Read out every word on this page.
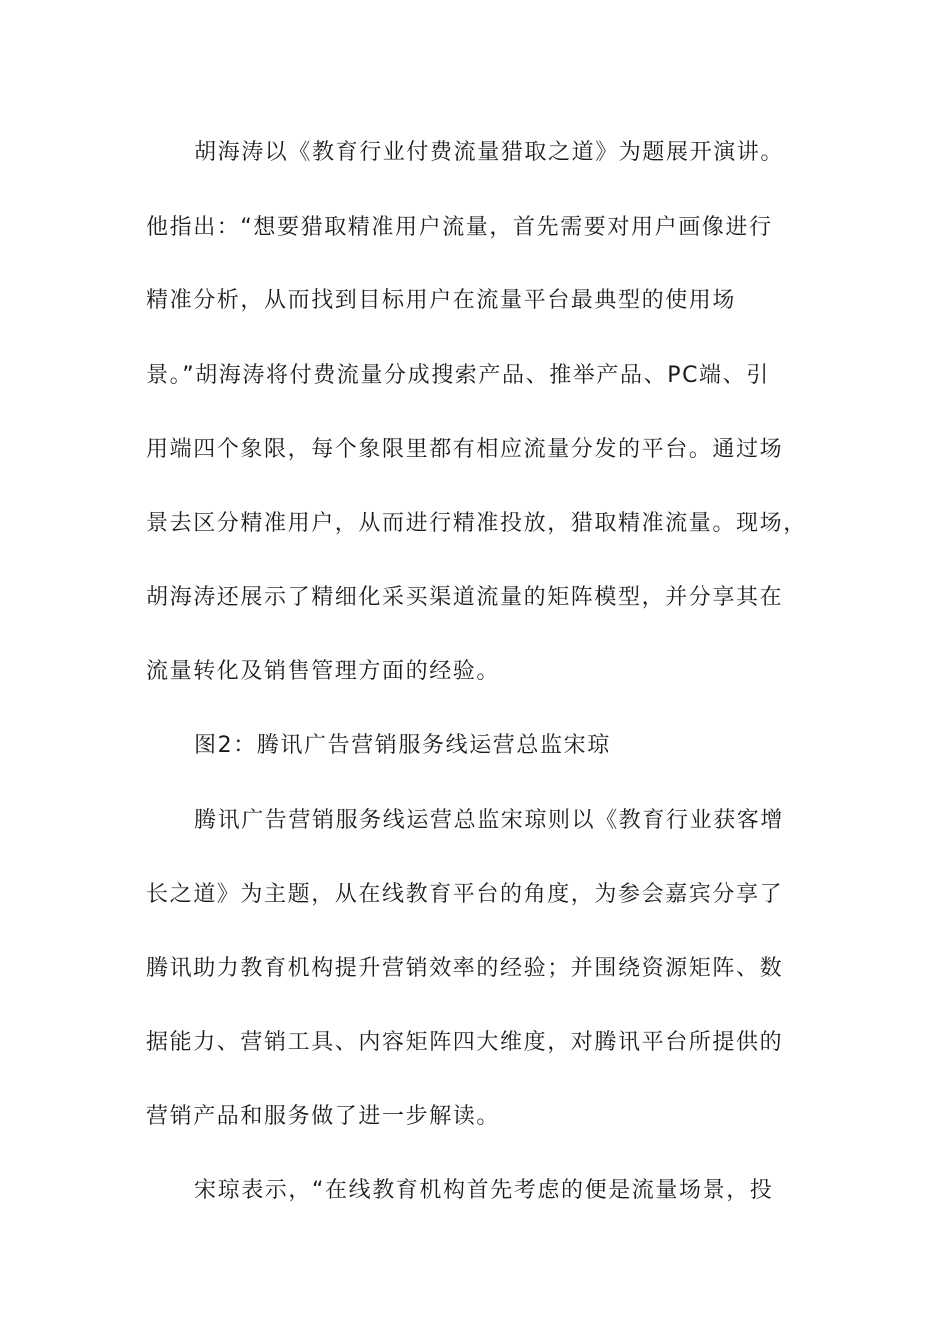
胡海涛以《教育行业付费流量猎取之道》为题展开演讲。
他指出：“想要猎取精准用户流量，首先需要对用户画像进行
精准分析，从而找到目标用户在流量平台最典型的使用场
景。”胡海涛将付费流量分成搜索产品、推举产品、PC端、引
用端四个象限，每个象限里都有相应流量分发的平台。通过场
景去区分精准用户，从而进行精准投放，猎取精准流量。现场，
胡海涛还展示了精细化采买渠道流量的矩阵模型，并分享其在
流量转化及销售管理方面的经验。
图2：腾讯广告营销服务线运营总监宋琼
腾讯广告营销服务线运营总监宋琼则以《教育行业获客增
长之道》为主题，从在线教育平台的角度，为参会嘉宾分享了
腾讯助力教育机构提升营销效率的经验；并围绕资源矩阵、数
据能力、营销工具、内容矩阵四大维度，对腾讯平台所提供的
营销产品和服务做了进一步解读。
宋琼表示，“在线教育机构首先考虑的便是流量场景，投
